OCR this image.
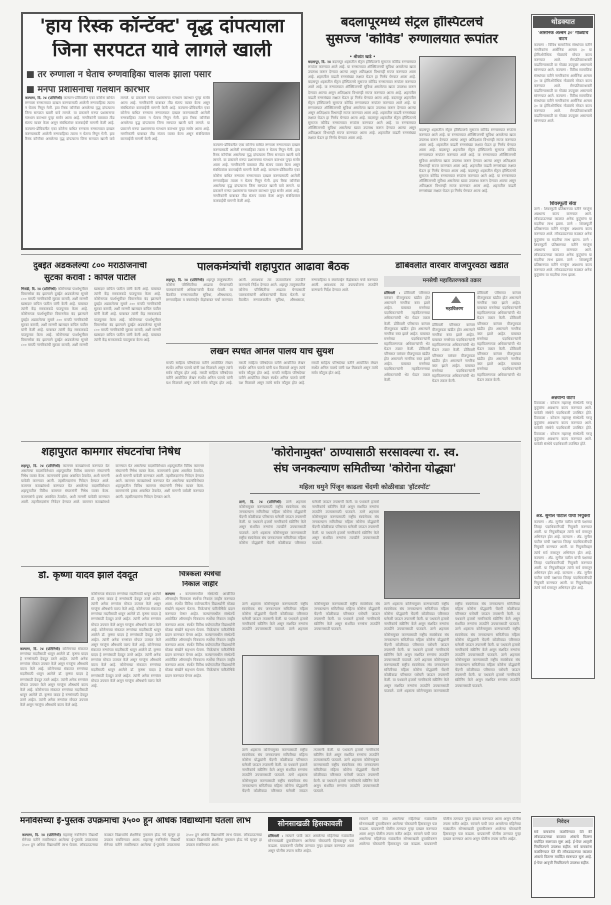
'हाय रिस्क कॉन्टॅक्ट' वृद्ध दांपत्याला
जिना सरपटत यावे लागले खाली
■ तर रुग्णाला न घेताच रुग्णवाहिका चालक झाला पसार
■ मनपा प्रशासनाचा गलथान कारभार
कल्याण, दि. २४ (प्रतिनिधी) कल्याण-डोंबिवलीत एका कोरोना बाधित रुग्णाला रुग्णालयात दाखल करण्यासाठी आलेली रुग्णवाहिका त्याला न घेताच निघून गेली. हाय रिस्क कॉन्टॅक्ट असलेल्या वृद्ध दांपत्याला जिना सरपटत खाली यावे लागले. या प्रकाराने मनपा प्रशासनाचा गलथान कारभार पुन्हा समोर आला आहे. नागरिकांनी याबाबत तीव्र संताप व्यक्त केला असून संबंधितांवर कारवाईची मागणी केली आहे. कल्याण-डोंबिवलीत एका कोरोना बाधित रुग्णाला रुग्णालयात दाखल करण्यासाठी आलेली रुग्णवाहिका त्याला न घेताच निघून गेली. हाय रिस्क कॉन्टॅक्ट असलेल्या वृद्ध दांपत्याला जिना सरपटत खाली यावे लागले. या प्रकाराने मनपा प्रशासनाचा गलथान कारभार पुन्हा समोर आला आहे. नागरिकांनी याबाबत तीव्र संताप व्यक्त केला असून संबंधितांवर कारवाईची मागणी केली आहे. कल्याण-डोंबिवलीत एका कोरोना बाधित रुग्णाला रुग्णालयात दाखल करण्यासाठी आलेली रुग्णवाहिका त्याला न घेताच निघून गेली. हाय रिस्क कॉन्टॅक्ट असलेल्या वृद्ध दांपत्याला जिना सरपटत खाली यावे लागले. या प्रकाराने मनपा प्रशासनाचा गलथान कारभार पुन्हा समोर आला आहे. नागरिकांनी याबाबत तीव्र संताप व्यक्त केला असून संबंधितांवर कारवाईची मागणी केली आहे.
कल्याण-डोंबिवलीत एका कोरोना बाधित रुग्णाला रुग्णालयात दाखल करण्यासाठी आलेली रुग्णवाहिका त्याला न घेताच निघून गेली. हाय रिस्क कॉन्टॅक्ट असलेल्या वृद्ध दांपत्याला जिना सरपटत खाली यावे लागले. या प्रकाराने मनपा प्रशासनाचा गलथान कारभार पुन्हा समोर आला आहे. नागरिकांनी याबाबत तीव्र संताप व्यक्त केला असून संबंधितांवर कारवाईची मागणी केली आहे. कल्याण-डोंबिवलीत एका कोरोना बाधित रुग्णाला रुग्णालयात दाखल करण्यासाठी आलेली रुग्णवाहिका त्याला न घेताच निघून गेली. हाय रिस्क कॉन्टॅक्ट असलेल्या वृद्ध दांपत्याला जिना सरपटत खाली यावे लागले. या प्रकाराने मनपा प्रशासनाचा गलथान कारभार पुन्हा समोर आला आहे. नागरिकांनी याबाबत तीव्र संताप व्यक्त केला असून संबंधितांवर कारवाईची मागणी केली आहे.
बदलापूरमध्ये सेंट्रल हॉस्पिटलचे
सुसज्ज 'कोविड' रुग्णालयात रूपांतर
• श्रीकांत खाडे •
बदलापूर, दि. २४ बदलापूर शहरातील सेंट्रल हॉस्पिटलचे सुसज्ज कोविड रुग्णालयात रूपांतर करण्यात आले आहे. या रुग्णालयात ऑक्सिजनची सुविधा असलेल्या खाटा उपलब्ध करून देण्यात आल्या असून अतिदक्षता विभागही सज्ज करण्यात आला आहे. शहरातील वाढती रुग्णसंख्या लक्षात घेऊन हा निर्णय घेण्यात आला आहे. बदलापूर शहरातील सेंट्रल हॉस्पिटलचे सुसज्ज कोविड रुग्णालयात रूपांतर करण्यात आले आहे. या रुग्णालयात ऑक्सिजनची सुविधा असलेल्या खाटा उपलब्ध करून देण्यात आल्या असून अतिदक्षता विभागही सज्ज करण्यात आला आहे. शहरातील वाढती रुग्णसंख्या लक्षात घेऊन हा निर्णय घेण्यात आला आहे. बदलापूर शहरातील सेंट्रल हॉस्पिटलचे सुसज्ज कोविड रुग्णालयात रूपांतर करण्यात आले आहे. या रुग्णालयात ऑक्सिजनची सुविधा असलेल्या खाटा उपलब्ध करून देण्यात आल्या असून अतिदक्षता विभागही सज्ज करण्यात आला आहे. शहरातील वाढती रुग्णसंख्या लक्षात घेऊन हा निर्णय घेण्यात आला आहे. बदलापूर शहरातील सेंट्रल हॉस्पिटलचे सुसज्ज कोविड रुग्णालयात रूपांतर करण्यात आले आहे. या रुग्णालयात ऑक्सिजनची सुविधा असलेल्या खाटा उपलब्ध करून देण्यात आल्या असून अतिदक्षता विभागही सज्ज करण्यात आला आहे. शहरातील वाढती रुग्णसंख्या लक्षात घेऊन हा निर्णय घेण्यात आला आहे.
बदलापूर शहरातील सेंट्रल हॉस्पिटलचे सुसज्ज कोविड रुग्णालयात रूपांतर करण्यात आले आहे. या रुग्णालयात ऑक्सिजनची सुविधा असलेल्या खाटा उपलब्ध करून देण्यात आल्या असून अतिदक्षता विभागही सज्ज करण्यात आला आहे. शहरातील वाढती रुग्णसंख्या लक्षात घेऊन हा निर्णय घेण्यात आला आहे. बदलापूर शहरातील सेंट्रल हॉस्पिटलचे सुसज्ज कोविड रुग्णालयात रूपांतर करण्यात आले आहे. या रुग्णालयात ऑक्सिजनची सुविधा असलेल्या खाटा उपलब्ध करून देण्यात आल्या असून अतिदक्षता विभागही सज्ज करण्यात आला आहे. शहरातील वाढती रुग्णसंख्या लक्षात घेऊन हा निर्णय घेण्यात आला आहे. बदलापूर शहरातील सेंट्रल हॉस्पिटलचे सुसज्ज कोविड रुग्णालयात रूपांतर करण्यात आले आहे. या रुग्णालयात ऑक्सिजनची सुविधा असलेल्या खाटा उपलब्ध करून देण्यात आल्या असून अतिदक्षता विभागही सज्ज करण्यात आला आहे. शहरातील वाढती रुग्णसंख्या लक्षात घेऊन हा निर्णय घेण्यात आला आहे.
थोडक्यात
'आर्सेनिक अल्बम ३०' गोळ्यांचे वाटप
कल्याण : विविध सामाजिक संस्थांच्या वतीने नागरिकांना आर्सेनिक अल्बम ३० या होमिओपॅथिक गोळ्यांचे मोफत वाटप करण्यात आले. रोगप्रतिकारशक्ती वाढविण्यासाठी या गोळ्या उपयुक्त असल्याचे सांगण्यात आले. कल्याण : विविध सामाजिक संस्थांच्या वतीने नागरिकांना आर्सेनिक अल्बम ३० या होमिओपॅथिक गोळ्यांचे मोफत वाटप करण्यात आले. रोगप्रतिकारशक्ती वाढविण्यासाठी या गोळ्या उपयुक्त असल्याचे सांगण्यात आले. कल्याण : विविध सामाजिक संस्थांच्या वतीने नागरिकांना आर्सेनिक अल्बम ३० या होमिओपॅथिक गोळ्यांचे मोफत वाटप करण्यात आले. रोगप्रतिकारशक्ती वाढविण्यासाठी या गोळ्या उपयुक्त असल्याचे सांगण्यात आले.
शिवस्फूर्ती सेवा
ठाणे : शिवस्फूर्ती प्रतिष्ठानच्या वतीने गरजूंना अन्नधान्य वाटप करण्यात आले. लॉकडाऊनच्या काळात अनेक कुटुंबांना या मदतीचा लाभ झाला. ठाणे : शिवस्फूर्ती प्रतिष्ठानच्या वतीने गरजूंना अन्नधान्य वाटप करण्यात आले. लॉकडाऊनच्या काळात अनेक कुटुंबांना या मदतीचा लाभ झाला. ठाणे : शिवस्फूर्ती प्रतिष्ठानच्या वतीने गरजूंना अन्नधान्य वाटप करण्यात आले. लॉकडाऊनच्या काळात अनेक कुटुंबांना या मदतीचा लाभ झाला. ठाणे : शिवस्फूर्ती प्रतिष्ठानच्या वतीने गरजूंना अन्नधान्य वाटप करण्यात आले. लॉकडाऊनच्या काळात अनेक कुटुंबांना या मदतीचा लाभ झाला.
अन्नधान्य वाटप
टिटवाळा : कोकण महाराष्ट्र संस्थेतर्फे गरजू कुटुंबांना अन्नधान्य वाटप करण्यात आले. यावेळी संस्थेचे पदाधिकारी उपस्थित होते. टिटवाळा : कोकण महाराष्ट्र संस्थेतर्फे गरजू कुटुंबांना अन्नधान्य वाटप करण्यात आले. यावेळी संस्थेचे पदाधिकारी उपस्थित होते. टिटवाळा : कोकण महाराष्ट्र संस्थेतर्फे गरजू कुटुंबांना अन्नधान्य वाटप करण्यात आले. यावेळी संस्थेचे पदाधिकारी उपस्थित होते.
ॲड. सुनील पाटील यांची नियुक्ती
कल्याण : ॲड. सुनील पाटील यांची पक्षाच्या जिल्हा पदाधिकारीपदी नियुक्ती करण्यात आली. या नियुक्तीबद्दल त्यांचे सर्व स्तरातून अभिनंदन होत आहे. कल्याण : ॲड. सुनील पाटील यांची पक्षाच्या जिल्हा पदाधिकारीपदी नियुक्ती करण्यात आली. या नियुक्तीबद्दल त्यांचे सर्व स्तरातून अभिनंदन होत आहे. कल्याण : ॲड. सुनील पाटील यांची पक्षाच्या जिल्हा पदाधिकारीपदी नियुक्ती करण्यात आली. या नियुक्तीबद्दल त्यांचे सर्व स्तरातून अभिनंदन होत आहे. कल्याण : ॲड. सुनील पाटील यांची पक्षाच्या जिल्हा पदाधिकारीपदी नियुक्ती करण्यात आली. या नियुक्तीबद्दल त्यांचे सर्व स्तरातून अभिनंदन होत आहे.
निवेदन
सर्व वाचकांना कळविण्यात येते की लॉकडाऊनच्या काळात अंकाचे वितरण मर्यादित स्वरूपात सुरू आहे. ई-पेपर आवृत्ती नियमितपणे उपलब्ध राहील. सर्व वाचकांना कळविण्यात येते की लॉकडाऊनच्या काळात अंकाचे वितरण मर्यादित स्वरूपात सुरू आहे. ई-पेपर आवृत्ती नियमितपणे उपलब्ध राहील.
दुबईत अडकलेल्या ८०० मराठीजनांची
सुटका करावी : कपिल पाटील
भिवंडी, दि. २४ (प्रतिनिधी) कोरोनाच्या पार्श्वभूमीवर विमानसेवा बंद झाल्याने दुबईत अडकलेल्या सुमारे ८०० मराठी नागरिकांची सुटका करावी, अशी मागणी खासदार कपिल पाटील यांनी केली आहे. याबाबत त्यांनी केंद्र सरकारकडे पाठपुरावा केला आहे. कोरोनाच्या पार्श्वभूमीवर विमानसेवा बंद झाल्याने दुबईत अडकलेल्या सुमारे ८०० मराठी नागरिकांची सुटका करावी, अशी मागणी खासदार कपिल पाटील यांनी केली आहे. याबाबत त्यांनी केंद्र सरकारकडे पाठपुरावा केला आहे. कोरोनाच्या पार्श्वभूमीवर विमानसेवा बंद झाल्याने दुबईत अडकलेल्या सुमारे ८०० मराठी नागरिकांची सुटका करावी, अशी मागणी खासदार कपिल पाटील यांनी केली आहे. याबाबत त्यांनी केंद्र सरकारकडे पाठपुरावा केला आहे. कोरोनाच्या पार्श्वभूमीवर विमानसेवा बंद झाल्याने दुबईत अडकलेल्या सुमारे ८०० मराठी नागरिकांची सुटका करावी, अशी मागणी खासदार कपिल पाटील यांनी केली आहे. याबाबत त्यांनी केंद्र सरकारकडे पाठपुरावा केला आहे. कोरोनाच्या पार्श्वभूमीवर विमानसेवा बंद झाल्याने दुबईत अडकलेल्या सुमारे ८०० मराठी नागरिकांची सुटका करावी, अशी मागणी खासदार कपिल पाटील यांनी केली आहे. याबाबत त्यांनी केंद्र सरकारकडे पाठपुरावा केला आहे.
पालकमंत्र्यांची शहापुरात आढावा बैठक
शहापूर, दि. २४ (प्रतिनिधी) शहापूर तालुक्यातील कोरोना परिस्थितीचा आढावा घेण्यासाठी पालकमंत्र्यांनी अधिकाऱ्यांची बैठक घेतली. या बैठकीत रुग्णालयातील सुविधा, औषधसाठा, रुग्णवाहिका व क्वारंटाईन केंद्रांबाबत चर्चा करण्यात आली. आवश्यक त्या उपाययोजना तातडीने करण्याचे निर्देश देण्यात आले. शहापूर तालुक्यातील कोरोना परिस्थितीचा आढावा घेण्यासाठी पालकमंत्र्यांनी अधिकाऱ्यांची बैठक घेतली. या बैठकीत रुग्णालयातील सुविधा, औषधसाठा, रुग्णवाहिका व क्वारंटाईन केंद्रांबाबत चर्चा करण्यात आली. आवश्यक त्या उपाययोजना तातडीने करण्याचे निर्देश देण्यात आले.
लेखन स्पर्धेत अनिल पालये यांचे सुयश
मराठी साहित्य परिषदेच्या वतीने आयोजित लेखन स्पर्धेत अनिल पालये यांनी यश मिळवले असून त्यांचे सर्वत्र कौतुक होत आहे. मराठी साहित्य परिषदेच्या वतीने आयोजित लेखन स्पर्धेत अनिल पालये यांनी यश मिळवले असून त्यांचे सर्वत्र कौतुक होत आहे. मराठी साहित्य परिषदेच्या वतीने आयोजित लेखन स्पर्धेत अनिल पालये यांनी यश मिळवले असून त्यांचे सर्वत्र कौतुक होत आहे. मराठी साहित्य परिषदेच्या वतीने आयोजित लेखन स्पर्धेत अनिल पालये यांनी यश मिळवले असून त्यांचे सर्वत्र कौतुक होत आहे. मराठी साहित्य परिषदेच्या वतीने आयोजित लेखन स्पर्धेत अनिल पालये यांनी यश मिळवले असून त्यांचे सर्वत्र कौतुक होत आहे.
डोंबिवलीत वारंवार वीजपुरवठा खंडीत
मनसेची महावितरणकडे तक्रार
डोंबिवली : डोंबिवली परिसरात वारंवार वीजपुरवठा खंडीत होत असल्याने नागरिक त्रस्त झाले आहेत. याबाबत मनसेच्या पदाधिकाऱ्यांनी महावितरणच्या अधिकाऱ्यांची भेट घेऊन तक्रार केली. डोंबिवली परिसरात वारंवार वीजपुरवठा खंडीत होत असल्याने नागरिक त्रस्त झाले आहेत. याबाबत मनसेच्या पदाधिकाऱ्यांनी महावितरणच्या अधिकाऱ्यांची भेट घेऊन तक्रार केली. डोंबिवली परिसरात वारंवार वीजपुरवठा खंडीत होत असल्याने नागरिक त्रस्त झाले आहेत. याबाबत मनसेच्या पदाधिकाऱ्यांनी महावितरणच्या अधिकाऱ्यांची भेट घेऊन तक्रार केली.
महावितरण
डोंबिवली परिसरात वारंवार वीजपुरवठा खंडीत होत असल्याने नागरिक त्रस्त झाले आहेत. याबाबत मनसेच्या पदाधिकाऱ्यांनी महावितरणच्या अधिकाऱ्यांची भेट घेऊन तक्रार केली. डोंबिवली परिसरात वारंवार वीजपुरवठा खंडीत होत असल्याने नागरिक त्रस्त झाले आहेत. याबाबत मनसेच्या पदाधिकाऱ्यांनी महावितरणच्या अधिकाऱ्यांची भेट घेऊन तक्रार केली. डोंबिवली परिसरात वारंवार वीजपुरवठा खंडीत होत असल्याने नागरिक त्रस्त झाले आहेत. याबाबत मनसेच्या पदाधिकाऱ्यांनी महावितरणच्या अधिकाऱ्यांची भेट घेऊन तक्रार केली.
डोंबिवली परिसरात वारंवार वीजपुरवठा खंडीत होत असल्याने नागरिक त्रस्त झाले आहेत. याबाबत मनसेच्या पदाधिकाऱ्यांनी महावितरणच्या अधिकाऱ्यांची भेट घेऊन तक्रार केली. डोंबिवली परिसरात वारंवार वीजपुरवठा खंडीत होत असल्याने नागरिक त्रस्त झाले आहेत. याबाबत मनसेच्या पदाधिकाऱ्यांनी महावितरणच्या अधिकाऱ्यांची भेट घेऊन तक्रार केली.
शहापुरात कामगार संघटनांचा निषेध
शहापूर, दि. २४ (प्रतिनिधी) कामगार कायद्यांमध्ये करण्यात येत असलेल्या बदलांविरोधात शहापुरातील विविध कामगार संघटनांनी निषेध व्यक्त केला. कामगारांचे हक्क अबाधित ठेवावेत, अशी मागणी यावेळी करण्यात आली. तहसीलदारांना निवेदन देण्यात आले. कामगार कायद्यांमध्ये करण्यात येत असलेल्या बदलांविरोधात शहापुरातील विविध कामगार संघटनांनी निषेध व्यक्त केला. कामगारांचे हक्क अबाधित ठेवावेत, अशी मागणी यावेळी करण्यात आली. तहसीलदारांना निवेदन देण्यात आले. कामगार कायद्यांमध्ये करण्यात येत असलेल्या बदलांविरोधात शहापुरातील विविध कामगार संघटनांनी निषेध व्यक्त केला. कामगारांचे हक्क अबाधित ठेवावेत, अशी मागणी यावेळी करण्यात आली. तहसीलदारांना निवेदन देण्यात आले. कामगार कायद्यांमध्ये करण्यात येत असलेल्या बदलांविरोधात शहापुरातील विविध कामगार संघटनांनी निषेध व्यक्त केला. कामगारांचे हक्क अबाधित ठेवावेत, अशी मागणी यावेळी करण्यात आली. तहसीलदारांना निवेदन देण्यात आले.
'कोरोनामुक्त' ठाण्यासाठी सरसावल्या रा. स्व.
संघ जनकल्याण समितीच्या 'कोरोना योद्ध्या'
महिला घमुने पिंजून काढला चेंदणी कोळीवाडा 'हॉटस्पॉट'
ठाणे, दि. २४ (प्रतिनिधी) ठाणे शहराला कोरोनामुक्त करण्यासाठी राष्ट्रीय स्वयंसेवक संघ जनकल्याण समितीच्या महिला कोरोना योद्ध्यांनी चेंदणी कोळीवाडा परिसरात घरोघरी जाऊन तपासणी केली. या पथकाने हजारो नागरिकांचे स्क्रीनिंग केले असून संशयित रुग्णांना तातडीने उपचारासाठी पाठवले. ठाणे शहराला कोरोनामुक्त करण्यासाठी राष्ट्रीय स्वयंसेवक संघ जनकल्याण समितीच्या महिला कोरोना योद्ध्यांनी चेंदणी कोळीवाडा परिसरात घरोघरी जाऊन तपासणी केली. या पथकाने हजारो नागरिकांचे स्क्रीनिंग केले असून संशयित रुग्णांना तातडीने उपचारासाठी पाठवले. ठाणे शहराला कोरोनामुक्त करण्यासाठी राष्ट्रीय स्वयंसेवक संघ जनकल्याण समितीच्या महिला कोरोना योद्ध्यांनी चेंदणी कोळीवाडा परिसरात घरोघरी जाऊन तपासणी केली. या पथकाने हजारो नागरिकांचे स्क्रीनिंग केले असून संशयित रुग्णांना तातडीने उपचारासाठी पाठवले.
ठाणे शहराला कोरोनामुक्त करण्यासाठी राष्ट्रीय स्वयंसेवक संघ जनकल्याण समितीच्या महिला कोरोना योद्ध्यांनी चेंदणी कोळीवाडा परिसरात घरोघरी जाऊन तपासणी केली. या पथकाने हजारो नागरिकांचे स्क्रीनिंग केले असून संशयित रुग्णांना तातडीने उपचारासाठी पाठवले. ठाणे शहराला कोरोनामुक्त करण्यासाठी राष्ट्रीय स्वयंसेवक संघ जनकल्याण समितीच्या महिला कोरोना योद्ध्यांनी चेंदणी कोळीवाडा परिसरात घरोघरी जाऊन तपासणी केली. या पथकाने हजारो नागरिकांचे स्क्रीनिंग केले असून संशयित रुग्णांना तातडीने उपचारासाठी पाठवले. ठाणे शहराला कोरोनामुक्त करण्यासाठी राष्ट्रीय स्वयंसेवक संघ जनकल्याण समितीच्या महिला कोरोना योद्ध्यांनी चेंदणी कोळीवाडा परिसरात घरोघरी जाऊन तपासणी केली. या पथकाने हजारो नागरिकांचे स्क्रीनिंग केले असून संशयित रुग्णांना तातडीने उपचारासाठी पाठवले. ठाणे शहराला कोरोनामुक्त करण्यासाठी राष्ट्रीय स्वयंसेवक संघ जनकल्याण समितीच्या महिला कोरोना योद्ध्यांनी चेंदणी कोळीवाडा परिसरात घरोघरी जाऊन तपासणी केली. या पथकाने हजारो नागरिकांचे स्क्रीनिंग केले असून संशयित रुग्णांना तातडीने उपचारासाठी पाठवले. ठाणे शहराला कोरोनामुक्त करण्यासाठी राष्ट्रीय स्वयंसेवक संघ जनकल्याण समितीच्या महिला कोरोना योद्ध्यांनी चेंदणी कोळीवाडा परिसरात घरोघरी जाऊन तपासणी केली. या पथकाने हजारो नागरिकांचे स्क्रीनिंग केले असून संशयित रुग्णांना तातडीने उपचारासाठी पाठवले. ठाणे शहराला कोरोनामुक्त करण्यासाठी राष्ट्रीय स्वयंसेवक संघ जनकल्याण समितीच्या महिला कोरोना योद्ध्यांनी चेंदणी कोळीवाडा परिसरात घरोघरी जाऊन तपासणी केली. या पथकाने हजारो नागरिकांचे स्क्रीनिंग केले असून संशयित रुग्णांना तातडीने उपचारासाठी पाठवले.
ठाणे शहराला कोरोनामुक्त करण्यासाठी राष्ट्रीय स्वयंसेवक संघ जनकल्याण समितीच्या महिला कोरोना योद्ध्यांनी चेंदणी कोळीवाडा परिसरात घरोघरी जाऊन तपासणी केली. या पथकाने हजारो नागरिकांचे स्क्रीनिंग केले असून संशयित रुग्णांना तातडीने उपचारासाठी पाठवले. ठाणे शहराला कोरोनामुक्त करण्यासाठी राष्ट्रीय स्वयंसेवक संघ जनकल्याण समितीच्या महिला कोरोना योद्ध्यांनी चेंदणी कोळीवाडा परिसरात घरोघरी जाऊन तपासणी केली. या पथकाने हजारो नागरिकांचे स्क्रीनिंग केले असून संशयित रुग्णांना तातडीने उपचारासाठी पाठवले.
ठाणे शहराला कोरोनामुक्त करण्यासाठी राष्ट्रीय स्वयंसेवक संघ जनकल्याण समितीच्या महिला कोरोना योद्ध्यांनी चेंदणी कोळीवाडा परिसरात घरोघरी जाऊन तपासणी केली. या पथकाने हजारो नागरिकांचे स्क्रीनिंग केले असून संशयित रुग्णांना तातडीने उपचारासाठी पाठवले. ठाणे शहराला कोरोनामुक्त करण्यासाठी राष्ट्रीय स्वयंसेवक संघ जनकल्याण समितीच्या महिला कोरोना योद्ध्यांनी चेंदणी कोळीवाडा परिसरात घरोघरी जाऊन तपासणी केली. या पथकाने हजारो नागरिकांचे स्क्रीनिंग केले असून संशयित रुग्णांना तातडीने उपचारासाठी पाठवले. ठाणे शहराला कोरोनामुक्त करण्यासाठी राष्ट्रीय स्वयंसेवक संघ जनकल्याण समितीच्या महिला कोरोना योद्ध्यांनी चेंदणी कोळीवाडा परिसरात घरोघरी जाऊन तपासणी केली. या पथकाने हजारो नागरिकांचे स्क्रीनिंग केले असून संशयित रुग्णांना तातडीने उपचारासाठी पाठवले.
डॉ. कृष्णा यादव झाले देवदूत
कल्याण, दि. २४ (प्रतिनिधी) कोरोनाच्या संकटात रुग्णांच्या मदतीसाठी धावून आलेले डॉ. कृष्णा यादव हे रुग्णांसाठी देवदूत ठरले आहेत. त्यांनी अनेक रुग्णांवर मोफत उपचार केले असून गरजूंना औषधांचे वाटप केले आहे. कोरोनाच्या संकटात रुग्णांच्या मदतीसाठी धावून आलेले डॉ. कृष्णा यादव हे रुग्णांसाठी देवदूत ठरले आहेत. त्यांनी अनेक रुग्णांवर मोफत उपचार केले असून गरजूंना औषधांचे वाटप केले आहे. कोरोनाच्या संकटात रुग्णांच्या मदतीसाठी धावून आलेले डॉ. कृष्णा यादव हे रुग्णांसाठी देवदूत ठरले आहेत. त्यांनी अनेक रुग्णांवर मोफत उपचार केले असून गरजूंना औषधांचे वाटप केले आहे.
कोरोनाच्या संकटात रुग्णांच्या मदतीसाठी धावून आलेले डॉ. कृष्णा यादव हे रुग्णांसाठी देवदूत ठरले आहेत. त्यांनी अनेक रुग्णांवर मोफत उपचार केले असून गरजूंना औषधांचे वाटप केले आहे. कोरोनाच्या संकटात रुग्णांच्या मदतीसाठी धावून आलेले डॉ. कृष्णा यादव हे रुग्णांसाठी देवदूत ठरले आहेत. त्यांनी अनेक रुग्णांवर मोफत उपचार केले असून गरजूंना औषधांचे वाटप केले आहे. कोरोनाच्या संकटात रुग्णांच्या मदतीसाठी धावून आलेले डॉ. कृष्णा यादव हे रुग्णांसाठी देवदूत ठरले आहेत. त्यांनी अनेक रुग्णांवर मोफत उपचार केले असून गरजूंना औषधांचे वाटप केले आहे. कोरोनाच्या संकटात रुग्णांच्या मदतीसाठी धावून आलेले डॉ. कृष्णा यादव हे रुग्णांसाठी देवदूत ठरले आहेत. त्यांनी अनेक रुग्णांवर मोफत उपचार केले असून गरजूंना औषधांचे वाटप केले आहे. कोरोनाच्या संकटात रुग्णांच्या मदतीसाठी धावून आलेले डॉ. कृष्णा यादव हे रुग्णांसाठी देवदूत ठरले आहेत. त्यांनी अनेक रुग्णांवर मोफत उपचार केले असून गरजूंना औषधांचे वाटप केले आहे.
चित्रकला स्पर्धेचा
निकाल जाहीर
कल्याण : कल्याणमधील संस्थेतर्फे आयोजित ऑनलाईन चित्रकला स्पर्धेचा निकाल जाहीर करण्यात आला. स्पर्धेत विविध वयोगटातील विद्यार्थ्यांनी मोठ्या संख्येने सहभाग घेतला. विजेत्यांना पारितोषिके प्रदान करण्यात येणार आहेत. कल्याणमधील संस्थेतर्फे आयोजित ऑनलाईन चित्रकला स्पर्धेचा निकाल जाहीर करण्यात आला. स्पर्धेत विविध वयोगटातील विद्यार्थ्यांनी मोठ्या संख्येने सहभाग घेतला. विजेत्यांना पारितोषिके प्रदान करण्यात येणार आहेत. कल्याणमधील संस्थेतर्फे आयोजित ऑनलाईन चित्रकला स्पर्धेचा निकाल जाहीर करण्यात आला. स्पर्धेत विविध वयोगटातील विद्यार्थ्यांनी मोठ्या संख्येने सहभाग घेतला. विजेत्यांना पारितोषिके प्रदान करण्यात येणार आहेत. कल्याणमधील संस्थेतर्फे आयोजित ऑनलाईन चित्रकला स्पर्धेचा निकाल जाहीर करण्यात आला. स्पर्धेत विविध वयोगटातील विद्यार्थ्यांनी मोठ्या संख्येने सहभाग घेतला. विजेत्यांना पारितोषिके प्रदान करण्यात येणार आहेत.
मनविसेच्या ई-पुस्तके उपक्रमाचा ३५०० हून अधिक विद्यार्थ्यांनी घेतला लाभ
कल्याण, दि. २४ (प्रतिनिधी) महाराष्ट्र नवनिर्माण विद्यार्थी सेनेच्या वतीने राबविण्यात आलेल्या ई-पुस्तके उपक्रमाचा ३५०० हून अधिक विद्यार्थ्यांनी लाभ घेतला. लॉकडाऊनच्या काळात विद्यार्थ्यांचे शैक्षणिक नुकसान होऊ नये म्हणून हा उपक्रम राबविण्यात आला. महाराष्ट्र नवनिर्माण विद्यार्थी सेनेच्या वतीने राबविण्यात आलेल्या ई-पुस्तके उपक्रमाचा ३५०० हून अधिक विद्यार्थ्यांनी लाभ घेतला. लॉकडाऊनच्या काळात विद्यार्थ्यांचे शैक्षणिक नुकसान होऊ नये म्हणून हा उपक्रम राबविण्यात आला.
सोनसाखळी हिसकावली
डोंबिवली : रस्त्याने पायी जात असलेल्या महिलेच्या गळ्यातील सोनसाखळी दुचाकीवरून आलेल्या चोरट्यांनी हिसकावून पळ काढला. याप्रकरणी पोलीस ठाण्यात गुन्हा दाखल करण्यात आला असून पोलीस तपास करीत आहेत.
रस्त्याने पायी जात असलेल्या महिलेच्या गळ्यातील सोनसाखळी दुचाकीवरून आलेल्या चोरट्यांनी हिसकावून पळ काढला. याप्रकरणी पोलीस ठाण्यात गुन्हा दाखल करण्यात आला असून पोलीस तपास करीत आहेत. रस्त्याने पायी जात असलेल्या महिलेच्या गळ्यातील सोनसाखळी दुचाकीवरून आलेल्या चोरट्यांनी हिसकावून पळ काढला. याप्रकरणी पोलीस ठाण्यात गुन्हा दाखल करण्यात आला असून पोलीस तपास करीत आहेत. रस्त्याने पायी जात असलेल्या महिलेच्या गळ्यातील सोनसाखळी दुचाकीवरून आलेल्या चोरट्यांनी हिसकावून पळ काढला. याप्रकरणी पोलीस ठाण्यात गुन्हा दाखल करण्यात आला असून पोलीस तपास करीत आहेत.
